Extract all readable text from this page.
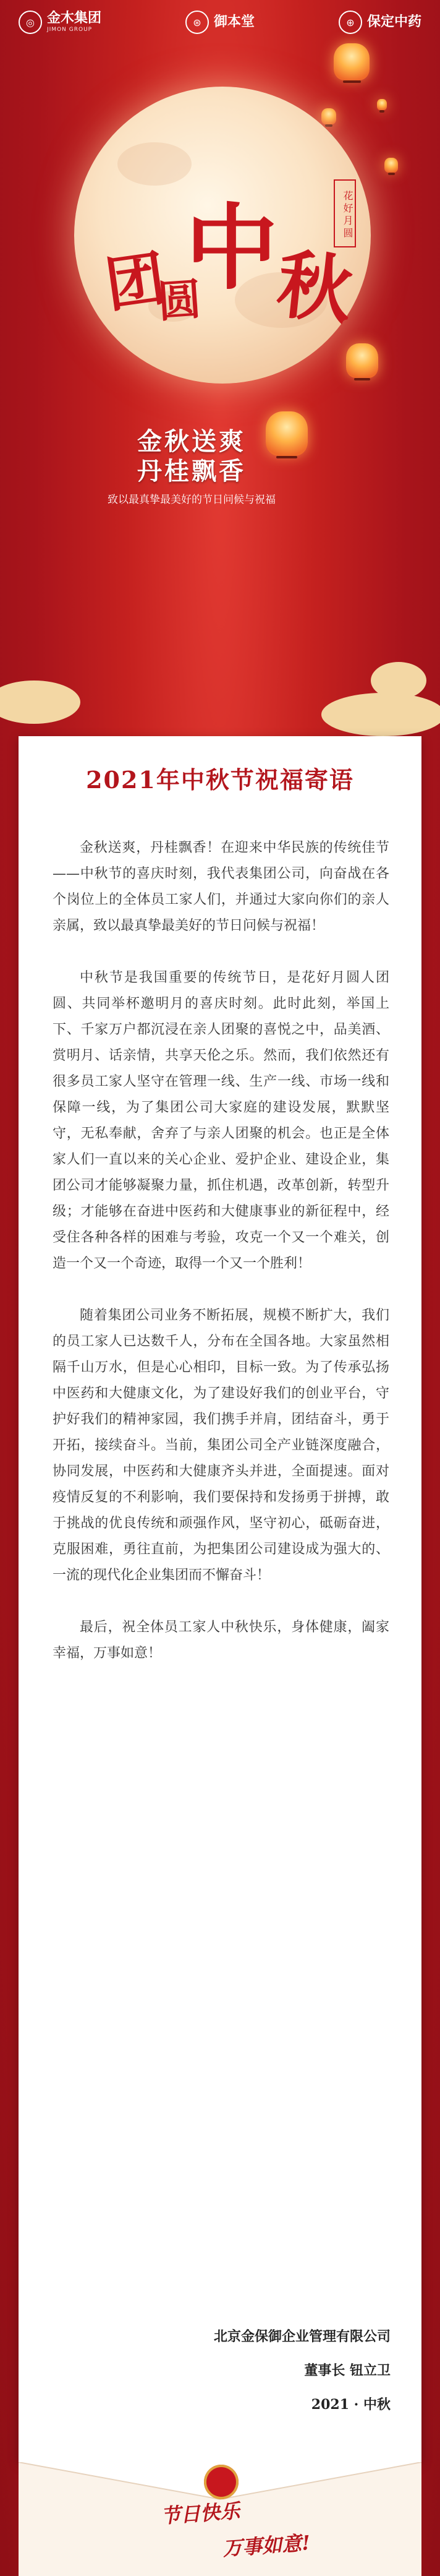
◎ 金木集团
JIMON GROUP
⊛ 御本堂	⊕ 保定中药
团 中
秋
圆
花好月圆
金秋送爽
丹桂飘香
致以最真挚最美好的节日问候与祝福
2021年中秋节祝福寄语

金秋送爽，丹桂飘香！在迎来中华民族的传统佳节——中秋节的喜庆时刻，我代表集团公司，向奋战在各个岗位上的全体员工家人们，并通过大家向你们的亲人亲属，致以最真挚最美好的节日问候与祝福！

中秋节是我国重要的传统节日，是花好月圆人团圆、共同举杯邀明月的喜庆时刻。此时此刻，举国上下、千家万户都沉浸在亲人团聚的喜悦之中，品美酒、赏明月、话亲情，共享天伦之乐。然而，我们依然还有很多员工家人坚守在管理一线、生产一线、市场一线和保障一线，为了集团公司大家庭的建设发展，默默坚守，无私奉献，舍弃了与亲人团聚的机会。也正是全体家人们一直以来的关心企业、爱护企业、建设企业，集团公司才能够凝聚力量，抓住机遇，改革创新，转型升级；才能够在奋进中医药和大健康事业的新征程中，经受住各种各样的困难与考验，攻克一个又一个难关，创造一个又一个奇迹，取得一个又一个胜利！

随着集团公司业务不断拓展，规模不断扩大，我们的员工家人已达数千人，分布在全国各地。大家虽然相隔千山万水，但是心心相印，目标一致。为了传承弘扬中医药和大健康文化，为了建设好我们的创业平台，守护好我们的精神家园，我们携手并肩，团结奋斗，勇于开拓，接续奋斗。当前，集团公司全产业链深度融合，协同发展，中医药和大健康齐头并进，全面提速。面对疫情反复的不利影响，我们要保持和发扬勇于拼搏，敢于挑战的优良传统和顽强作风，坚守初心，砥砺奋进，克服困难，勇往直前，为把集团公司建设成为强大的、一流的现代化企业集团而不懈奋斗！

最后，祝全体员工家人中秋快乐，身体健康，阖家幸福，万事如意！

北京金保御企业管理有限公司
董事长 钮立卫
2021 · 中秋
节日快乐
万事如意!
